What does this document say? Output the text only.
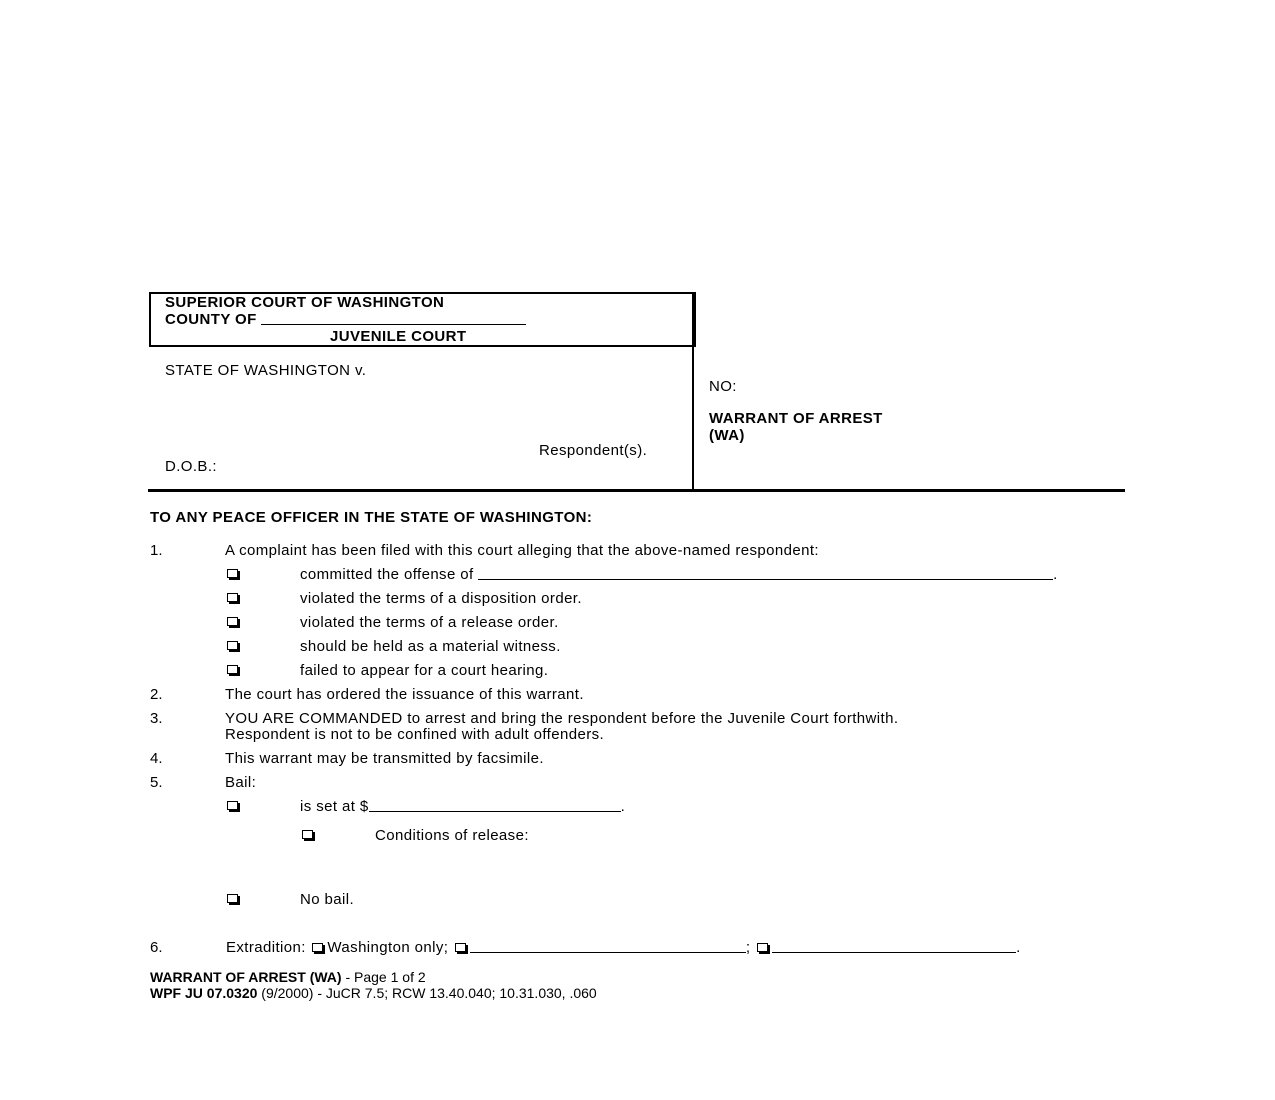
SUPERIOR COURT OF WASHINGTON
COUNTY OF
JUVENILE COURT
STATE OF WASHINGTON v.
Respondent(s).
D.O.B.:
NO:
WARRANT OF ARREST
(WA)
TO ANY PEACE OFFICER IN THE STATE OF WASHINGTON:
1.	A complaint has been filed with this court alleging that the above-named respondent:
committed the offense of	.
violated the terms of a disposition order.
violated the terms of a release order.
should be held as a material witness.
failed to appear for a court hearing.
2.	The court has ordered the issuance of this warrant.
3.	YOU ARE COMMANDED to arrest and bring the respondent before the Juvenile Court forthwith.
Respondent is not to be confined with adult offenders.
4.	This warrant may be transmitted by facsimile.
5.	Bail:
is set at $	.
Conditions of release:
No bail.
6.	Extradition: Washington only;	;	.
WARRANT OF ARREST (WA) - Page 1 of 2
WPF JU 07.0320 (9/2000) - JuCR 7.5; RCW 13.40.040; 10.31.030, .060
